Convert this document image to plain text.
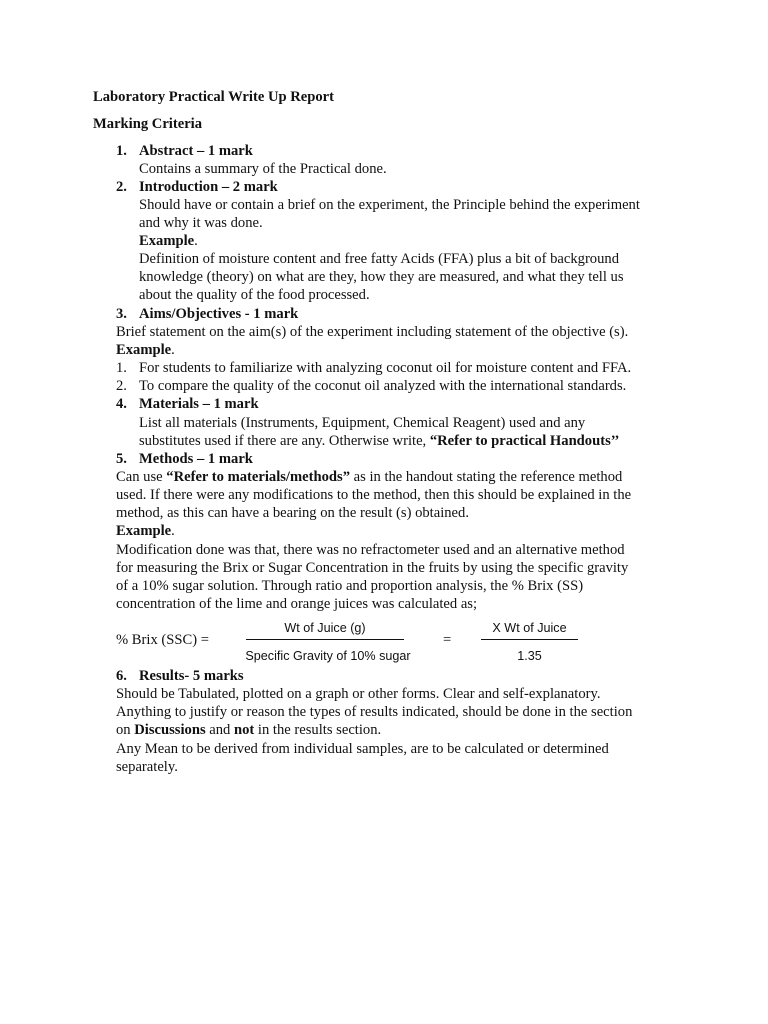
Laboratory Practical Write Up Report
Marking Criteria
1. Abstract – 1 mark
Contains a summary of the Practical done.
2. Introduction – 2 mark
Should have or contain a brief on the experiment, the Principle behind the experiment
and why it was done.
Example.
Definition of moisture content and free fatty Acids (FFA) plus a bit of background
knowledge (theory) on what are they, how they are measured, and what they tell us
about the quality of the food processed.
3. Aims/Objectives - 1 mark
Brief statement on the aim(s) of the experiment including statement of the objective (s).
Example.
1. For students to familiarize with analyzing coconut oil for moisture content and FFA.
2. To compare the quality of the coconut oil analyzed with the international standards.
4. Materials – 1 mark
List all materials (Instruments, Equipment, Chemical Reagent) used and any
substitutes used if there are any. Otherwise write, “Refer to practical Handouts’’
5. Methods – 1 mark
Can use “Refer to materials/methods” as in the handout stating the reference method
used. If there were any modifications to the method, then this should be explained in the
method, as this can have a bearing on the result (s) obtained.
Example.
Modification done was that, there was no refractometer used and an alternative method
for measuring the Brix or Sugar Concentration in the fruits by using the specific gravity
of a 10% sugar solution. Through ratio and proportion analysis, the % Brix (SS)
concentration of the lime and orange juices was calculated as;
% Brix (SSC) =
Wt of Juice (g)
Specific Gravity of 10% sugar
=
X Wt of Juice
1.35
6. Results- 5 marks
Should be Tabulated, plotted on a graph or other forms. Clear and self-explanatory.
Anything to justify or reason the types of results indicated, should be done in the section
on Discussions and not in the results section.
Any Mean to be derived from individual samples, are to be calculated or determined
separately.
